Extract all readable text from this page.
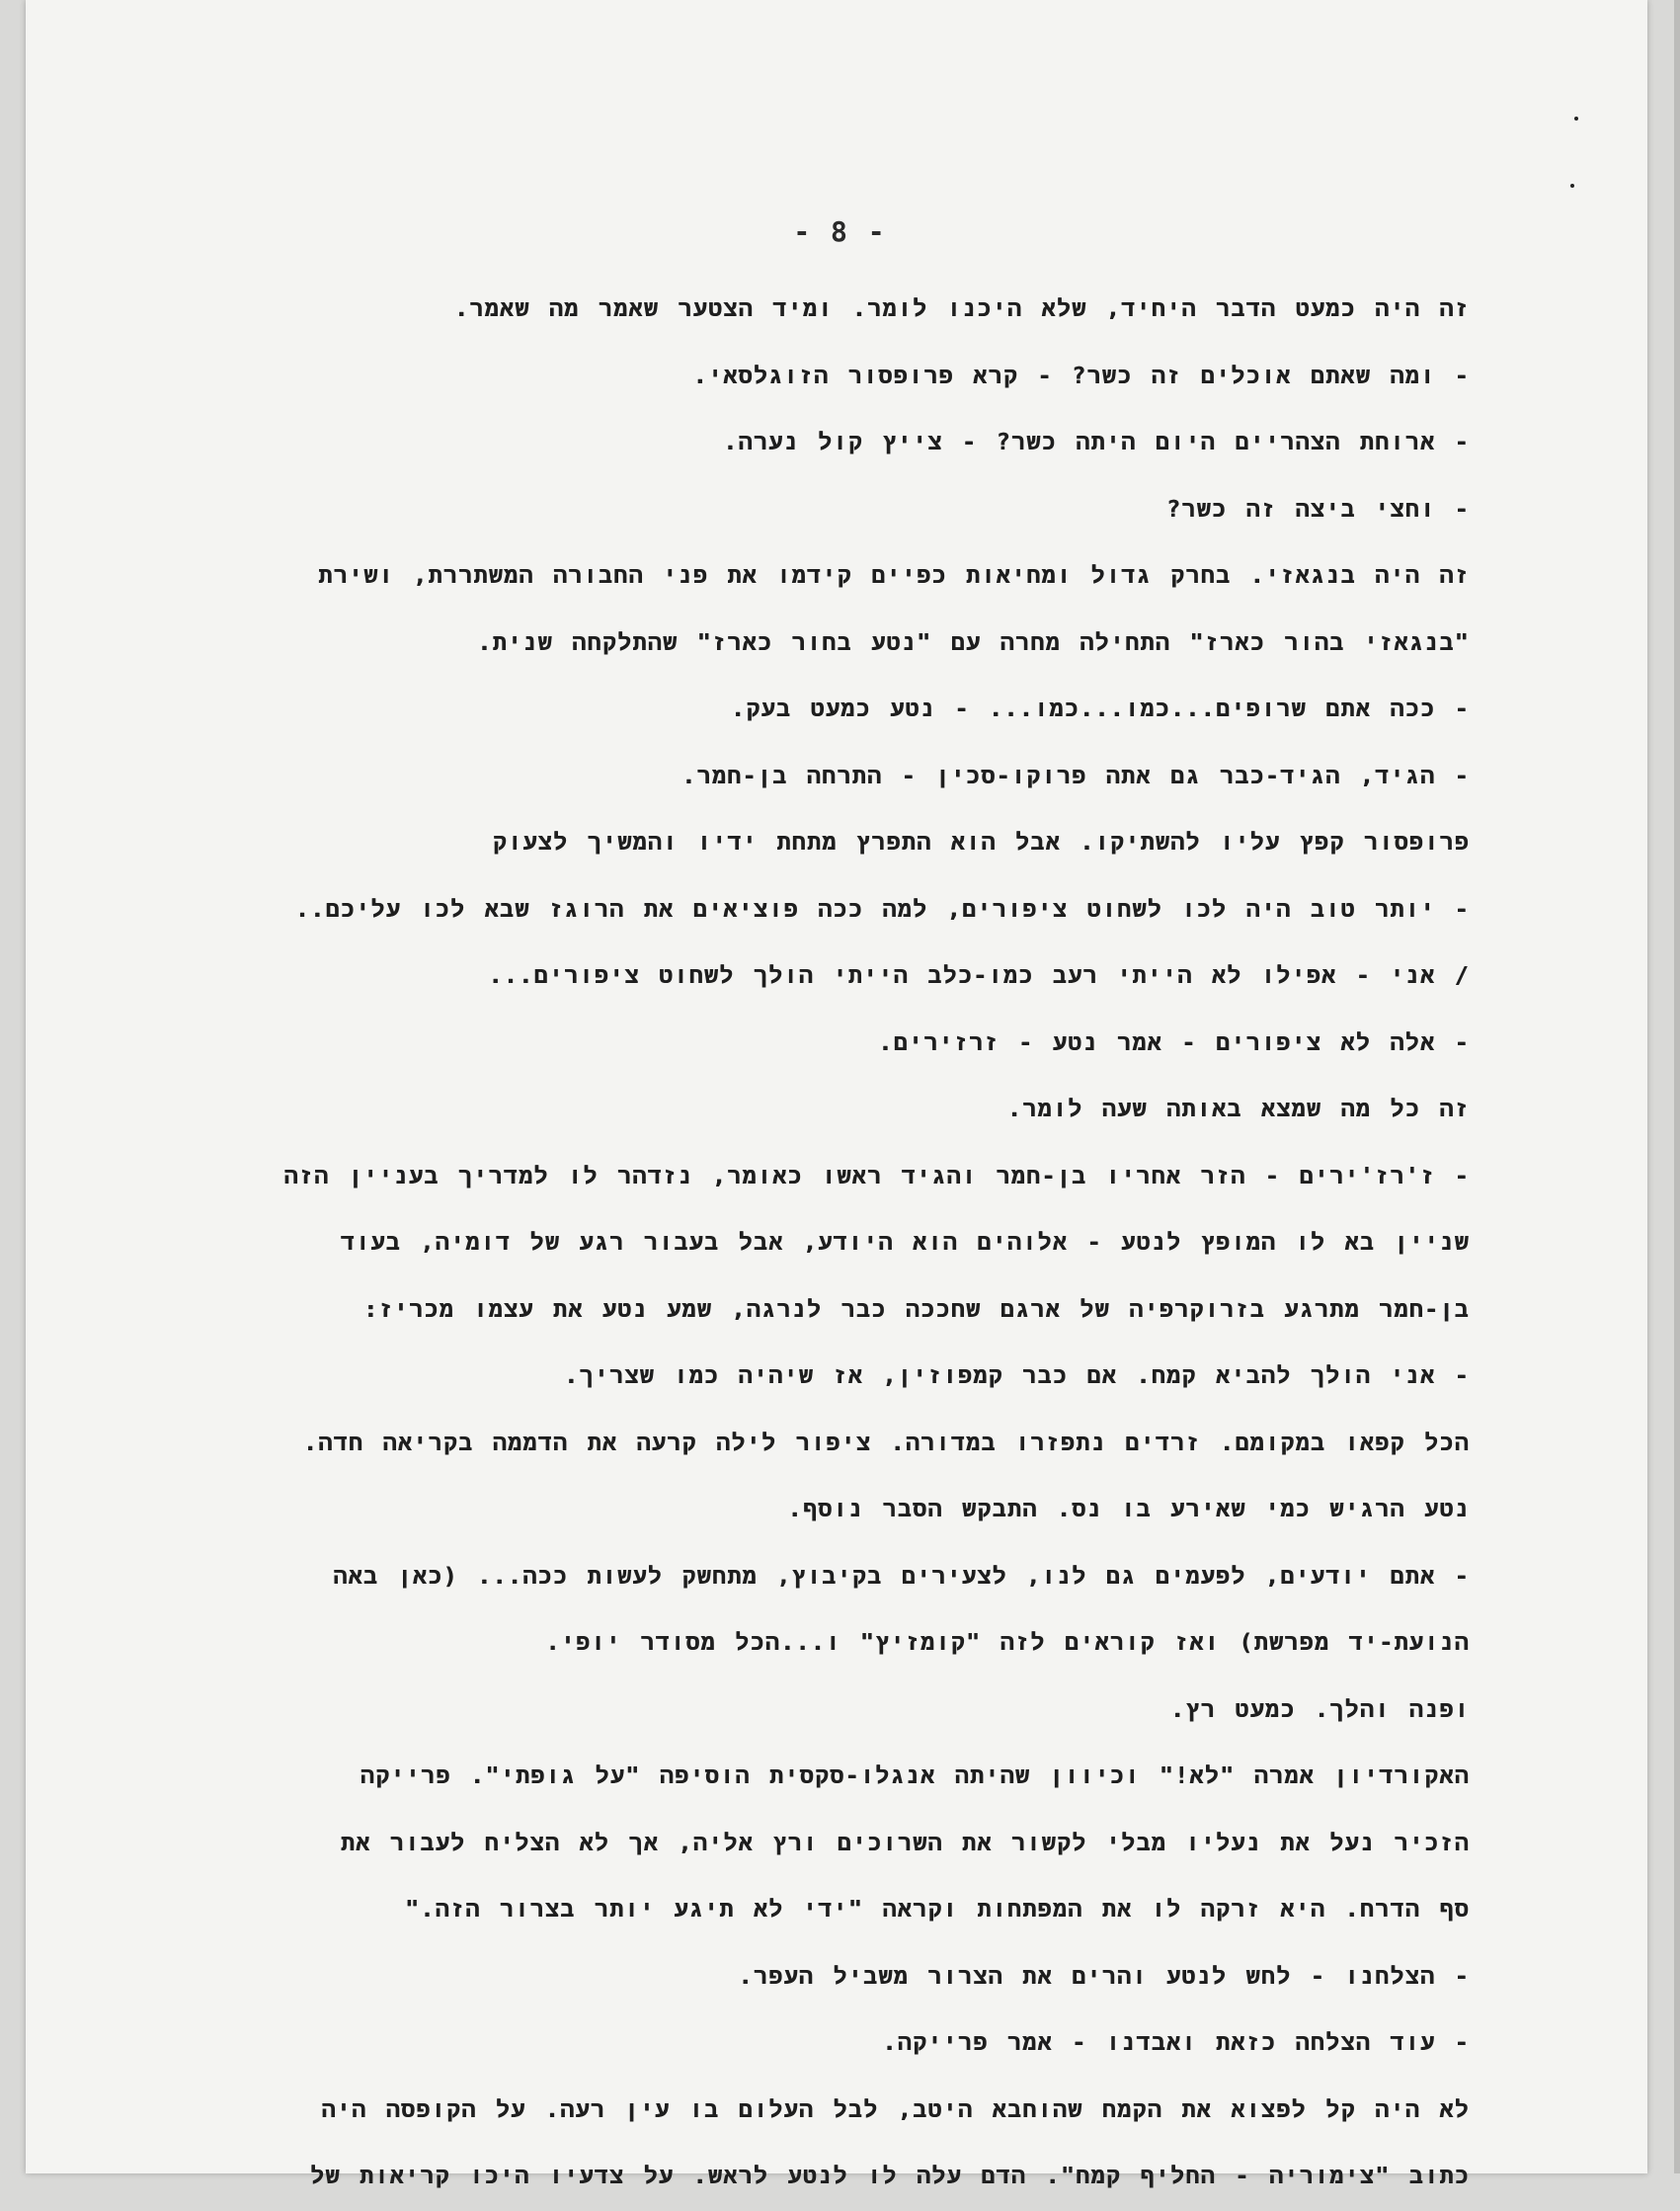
- 8 -
זה היה כמעט הדבר היחיד, שלא היכנו לומר. ומיד הצטער שאמר מה שאמר.
- ומה שאתם אוכלים זה כשר? - קרא פרופסור הזוגלסאי.
- ארוחת הצהריים היום היתה כשר? - צייץ קול נערה.
- וחצי ביצה זה כשר?
זה היה בנגאזי. בחרק גדול ומחיאות כפיים קידמו את פני החבורה המשתררת, ושירת
"בנגאזי בהור כארז" התחילה מחרה עם "נטע בחור כארז" שהתלקחה שנית.
- ככה אתם שרופים...כמו...כמו... - נטע כמעט בעק.
- הגיד, הגיד-כבר גם אתה פרוקו-סכין - התרחה בן-חמר.
פרופסור קפץ עליו להשתיקו. אבל הוא התפרץ מתחת ידיו והמשיך לצעוק
- יותר טוב היה לכו לשחוט ציפורים, למה ככה פוציאים את הרוגז שבא לכו עליכם..
/ אני - אפילו לא הייתי רעב כמו-כלב הייתי הולך לשחוט ציפורים...
- אלה לא ציפורים - אמר נטע - זרזירים.
זה כל מה שמצא באותה שעה לומר.
- ז'רז'ירים - הזר אחריו בן-חמר והגיד ראשו כאומר, נזדהר לו למדריך בעניין הזה
שניין בא לו המופץ לנטע - אלוהים הוא היודע, אבל בעבור רגע של דומיה, בעוד
בן-חמר מתרגע בזרוקרפיה של ארגם שחככה כבר לנרגה, שמע נטע את עצמו מכריז:
- אני הולך להביא קמח. אם כבר קמפוזין, אז שיהיה כמו שצריך.
הכל קפאו במקומם. זרדים נתפזרו במדורה. ציפור לילה קרעה את הדממה בקריאה חדה.
נטע הרגיש כמי שאירע בו נס. התבקש הסבר נוסף.
- אתם יודעים, לפעמים גם לנו, לצעירים בקיבוץ, מתחשק לעשות ככה... (כאן באה
הנועת-יד מפרשת) ואז קוראים לזה "קומזיץ" ו...הכל מסודר יופי.
ופנה והלך. כמעט רץ.
האקורדיון אמרה "לא!" וכיוון שהיתה אנגלו-סקסית הוסיפה "על גופתי". פרייקה
הזכיר נעל את נעליו מבלי לקשור את השרוכים ורץ אליה, אך לא הצליח לעבור את
סף הדרח. היא זרקה לו את המפתחות וקראה "ידי לא תיגע יותר בצרור הזה."
- הצלחנו - לחש לנטע והרים את הצרור משביל העפר.
- עוד הצלחה כזאת ואבדנו - אמר פרייקה.
לא היה קל לפצוא את הקמח שהוחבא היטב, לבל העלום בו עין רעה. על הקופסה היה
כתוב "צימוריה - החליף קמח". הדם עלה לו לנטע לראש. על צדעיו היכו קריאות של
